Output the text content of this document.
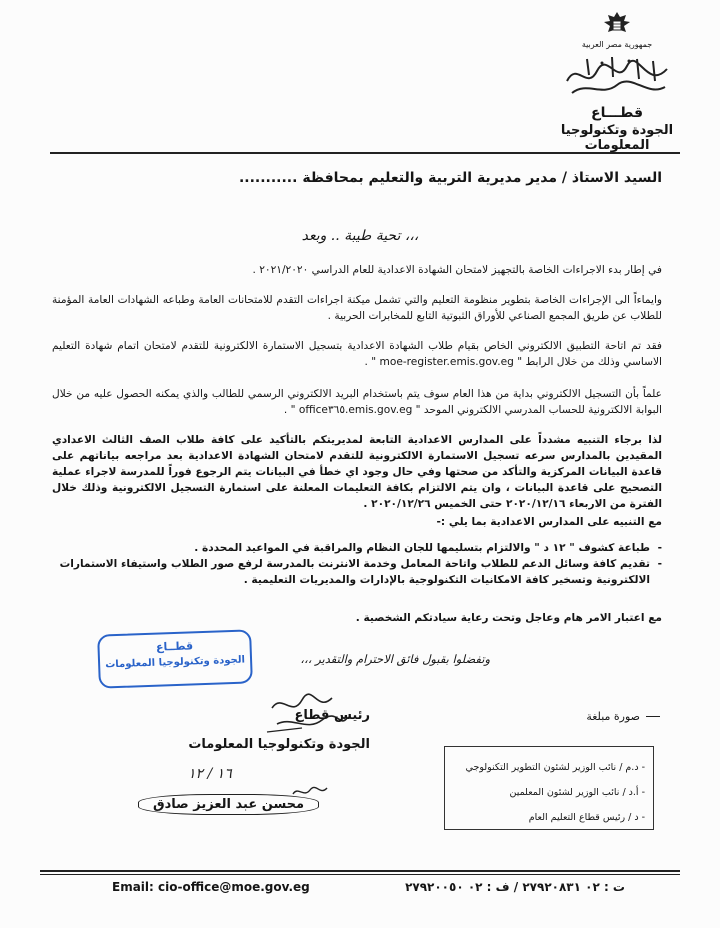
جمهورية مصر العربية
قطـــاع
الجودة وتكنولوجيا المعلومات
السيد الاستاذ / مدير مديرية التربية والتعليم بمحافظة ...........
تحية طيبة .. وبعد ،،،
في إطار بدء الاجراءات الخاصة بالتجهيز لامتحان الشهادة الاعدادية للعام الدراسي ٢٠٢١/٢٠٢٠ .
وايماءاً الى الإجراءات الخاصة بتطوير منظومة التعليم والتي تشمل ميكنة اجراءات التقدم للامتحانات العامة وطباعه الشهادات العامة المؤمنة للطلاب عن طريق المجمع الصناعي للأوراق الثبوتية التابع للمخابرات الحربية .
فقد تم اتاحة التطبيق الالكتروني الخاص بقيام طلاب الشهادة الاعدادية بتسجيل الاستمارة الالكترونية للتقدم لامتحان اتمام شهادة التعليم الاساسي وذلك من خلال الرابط " moe-register.emis.gov.eg " .
علماً بأن التسجيل الالكتروني بداية من هذا العام سوف يتم باستخدام البريد الالكتروني الرسمي للطالب والذي يمكنه الحصول عليه من خلال البوابة الالكترونية للحساب المدرسي الالكتروني الموحد " office٣٦٥.emis.gov.eg " .
لذا برجاء التنبيه مشدداً على المدارس الاعدادية التابعة لمديريتكم بالتأكيد على كافة طلاب الصف الثالث الاعدادي المقيدين بالمدارس سرعه تسجيل الاستمارة الالكترونية للتقدم لامتحان الشهادة الاعدادية بعد مراجعه بياناتهم على قاعدة البيانات المركزية والتأكد من صحتها وفي حال وجود اي خطأ في البيانات يتم الرجوع فوراً للمدرسة لاجراء عملية التصحيح على قاعدة البيانات ، وان يتم الالتزام بكافة التعليمات المعلنة على استمارة التسجيل الالكترونية وذلك خلال الفترة من الاربعاء ٢٠٢٠/١٢/١٦ حتى الخميس ٢٠٢٠/١٢/٢٦ .
مع التنبيه على المدارس الاعدادية بما يلي :-
- طباعة كشوف " ١٢ د " والالتزام بتسليمها للجان النظام والمراقبة في المواعيد المحددة .
- تقديم كافة وسائل الدعم للطلاب واتاحة المعامل وخدمة الانترنت بالمدرسة لرفع صور الطلاب واستيفاء الاستمارات الالكترونية وتسخير كافة الامكانيات التكنولوجية بالإدارات والمديريات التعليمية .
مع اعتبار الامر هام وعاجل وتحت رعاية سيادتكم الشخصية .
قطــاع
الجودة وتكنولوجيا المعلومات	وتفضلوا بقبول فائق الاحترام والتقدير ،،،
صورة مبلغة
رئيس قطاع
الجودة وتكنولوجيا المعلومات
١٦ / ١٢
محسن عبد العزيز صادق
- د.م / نائب الوزير لشئون التطوير التكنولوجي
- أ.د / نائب الوزير لشئون المعلمين
- د / رئيس قطاع التعليم العام
Email: cio-office@moe.gov.eg	ت : ٠٢ ٢٧٩٢٠٨٣١ / ف : ٠٢ ٢٧٩٢٠٠٥٠
